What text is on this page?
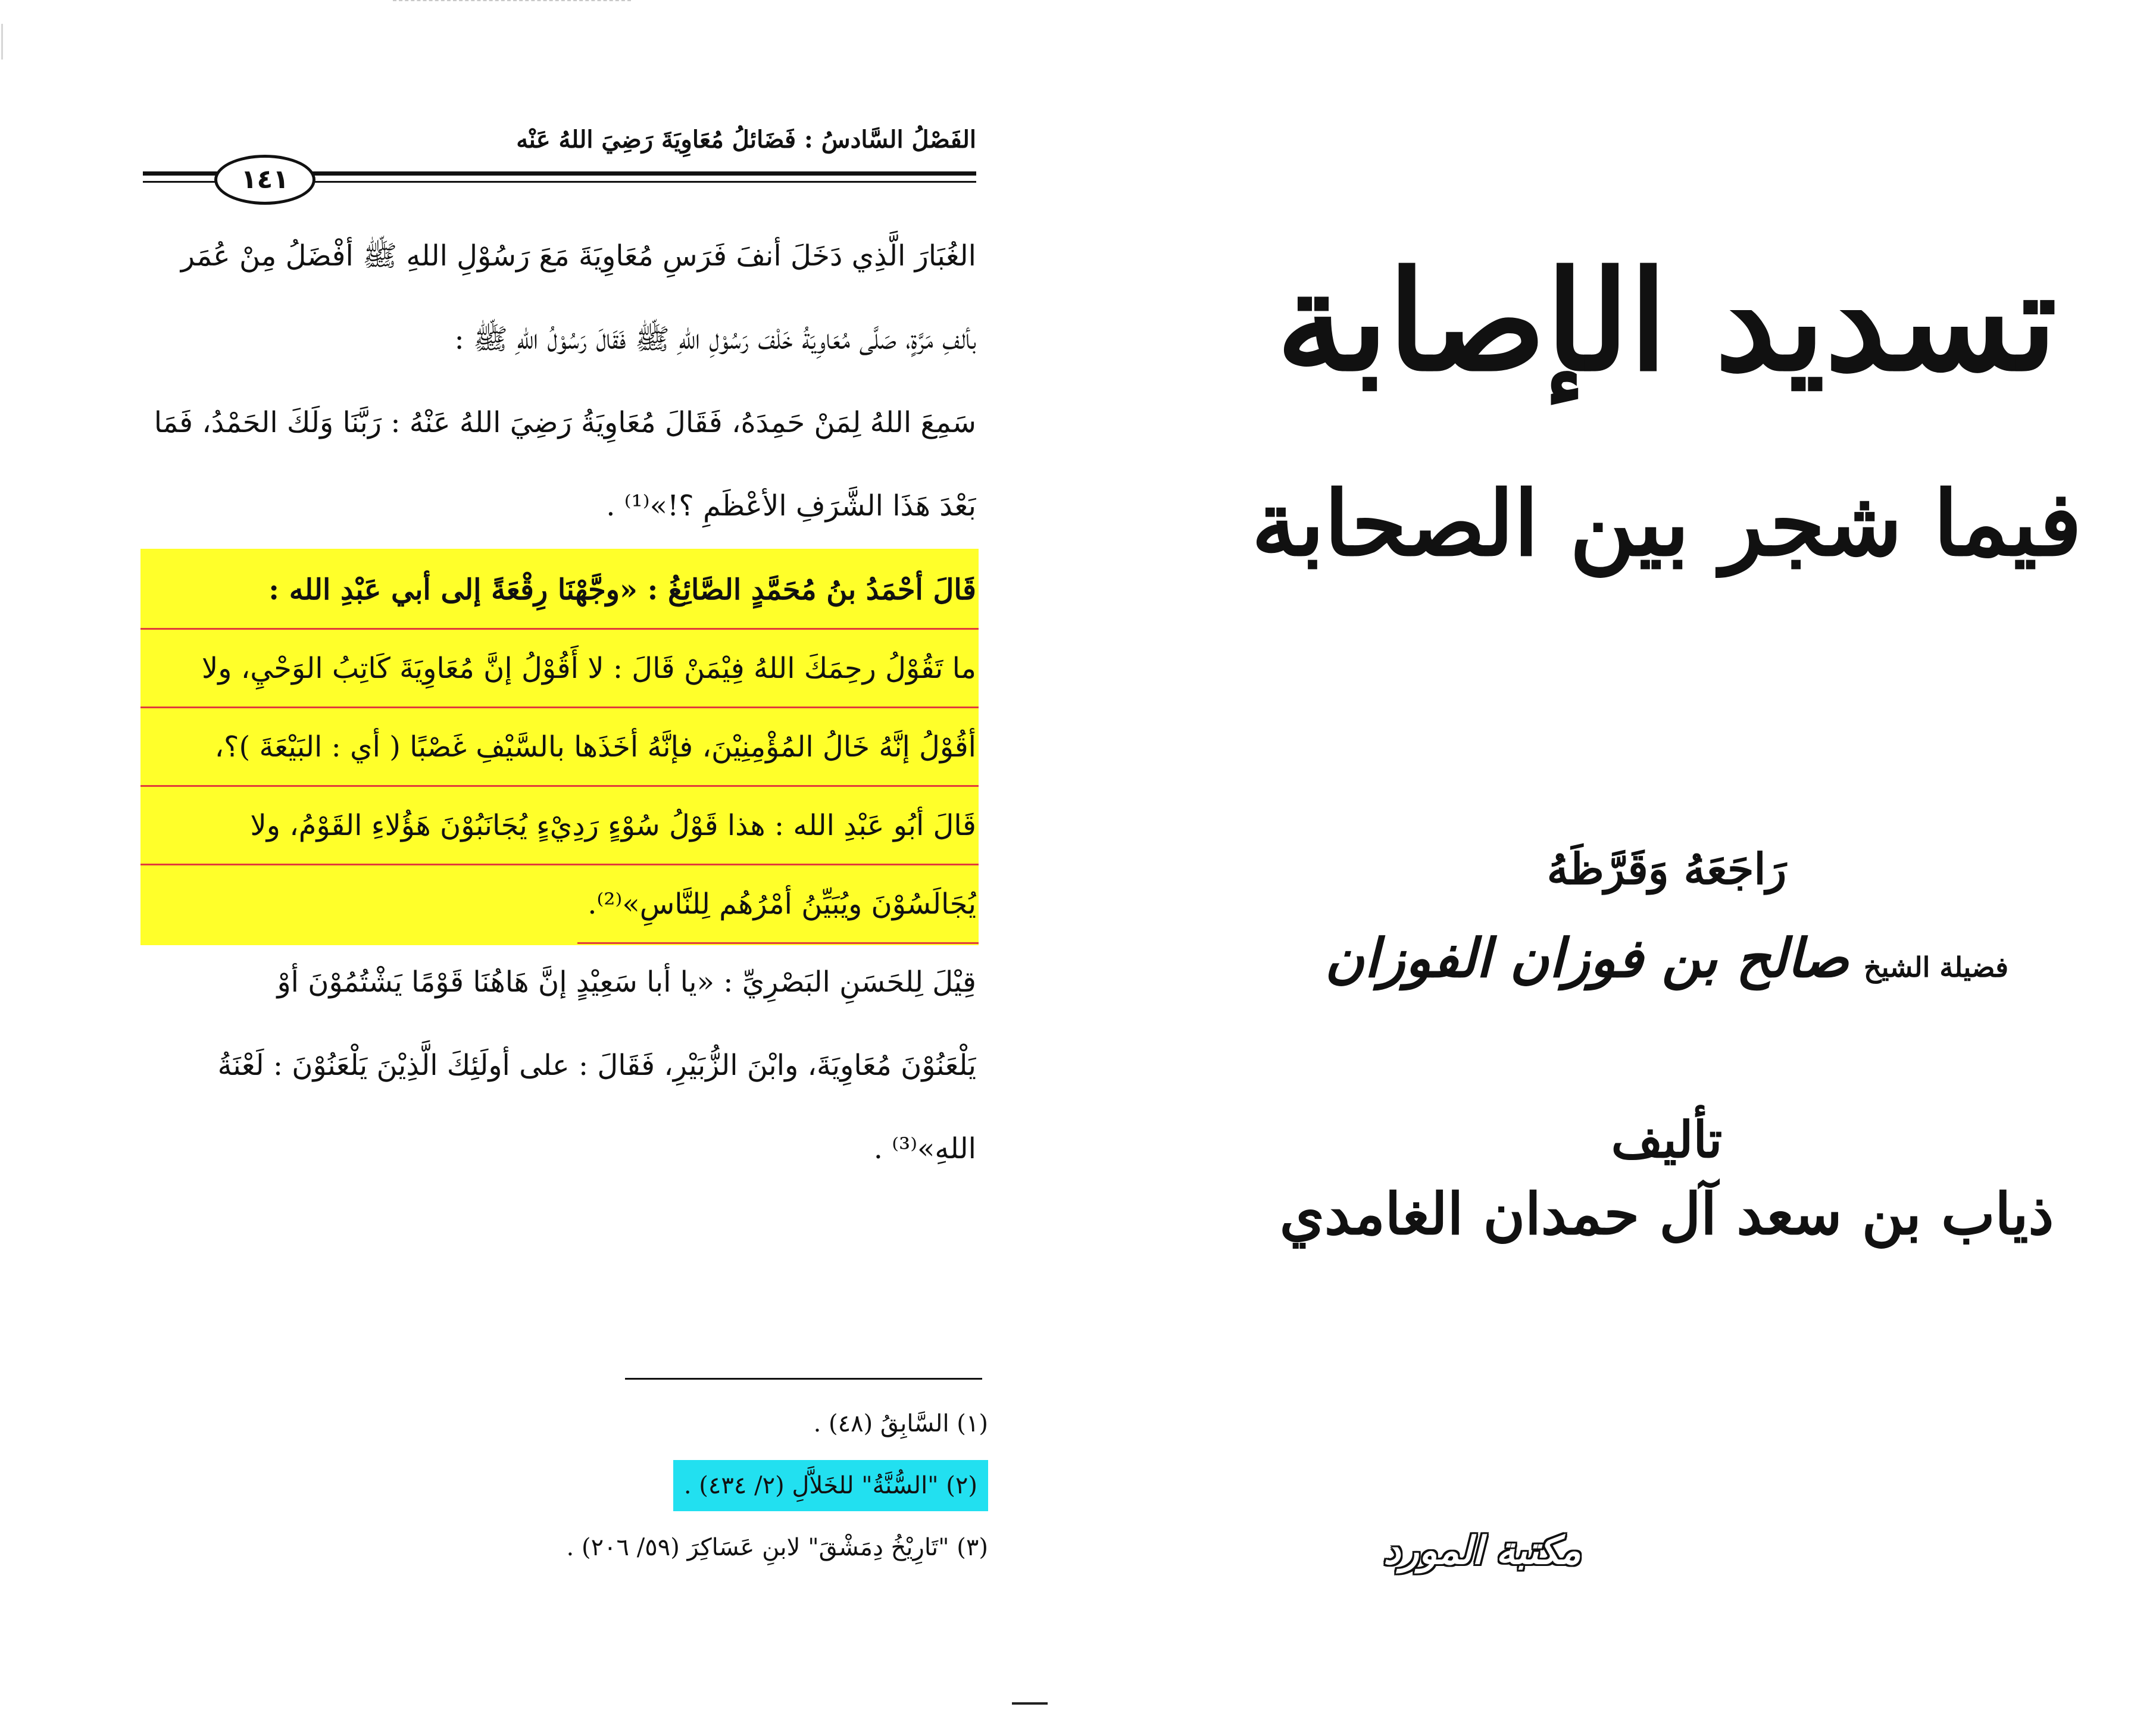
الفَصْلُ السَّادسُ : فَضَائلُ مُعَاوِيَةَ رَضِيَ اللهُ عَنْه
١٤١
الغُبَارَ الَّذِي دَخَلَ أنفَ فَرَسِ مُعَاوِيَةَ مَعَ رَسُوْلِ اللهِ ﷺ أفْضَلُ مِنْ عُمَر
بألفِ مَرَّةٍ، صَلَّى مُعَاوِيَةُ خَلْفَ رَسُوْلِ اللهِ ﷺ فَقَالَ رَسُوْلُ اللهِ ﷺ :
سَمِعَ اللهُ لِمَنْ حَمِدَهُ، فَقَالَ مُعَاوِيَةُ رَضِيَ اللهُ عَنْهُ : رَبَّنَا وَلَكَ الحَمْدُ، فَمَا
بَعْدَ هَذَا الشَّرَفِ الأعْظَمِ ؟!»⁽¹⁾ .
قَالَ أحْمَدُ بنُ مُحَمَّدٍ الصَّائِغُ : «وجَّهْنَا رِقْعَةً إلى أبي عَبْدِ الله :
ما تَقُوْلُ رحِمَكَ اللهُ فِيْمَنْ قَالَ : لا أَقُوْلُ إنَّ مُعَاوِيَةَ كَاتِبُ الوَحْيِ، ولا
أقُوْلُ إنَّهُ خَالُ المُؤْمِنِيْنَ، فإنَّهُ أخَذَها بالسَّيْفِ غَصْبًا ( أي : البَيْعَةَ )؟،
قَالَ أبُو عَبْدِ الله : هذا قَوْلُ سُوْءٍ رَدِيْءٍ يُجَانَبُوْنَ هَؤُلاءِ القَوْمُ، ولا
يُجَالَسُوْنَ ويُبَيِّنُ أمْرُهُم لِلنَّاسِ»⁽²⁾.
قِيْلَ لِلحَسَنِ البَصْرِيِّ : «يا أبا سَعِيْدٍ إنَّ هَاهُنَا قَوْمًا يَشْتُمُوْنَ أوْ
يَلْعَنُوْنَ مُعَاوِيَةَ، وابْنَ الزُّبَيْرِ، فَقَالَ : على أولَئِكَ الَّذِيْنَ يَلْعَنُوْنَ : لَعْنَةُ
اللهِ»⁽³⁾ .
(١) السَّابِقُ (٤٨) .
(٢) "السُّنَّةُ" للخَلاَّلِ (٢/ ٤٣٤) .
(٣) "تَارِيْخُ دِمَشْقَ" لابنِ عَسَاكِرَ (٥٩/ ٢٠٦) .
تسديد الإصابة
فيما شجر بين الصحابة
رَاجَعَهُ وَقَرَّظَهُ
فضيلة الشيخ صالح بن فوزان الفوزان
تأليف
ذياب بن سعد آل حمدان الغامدي
مكتبة المورد
